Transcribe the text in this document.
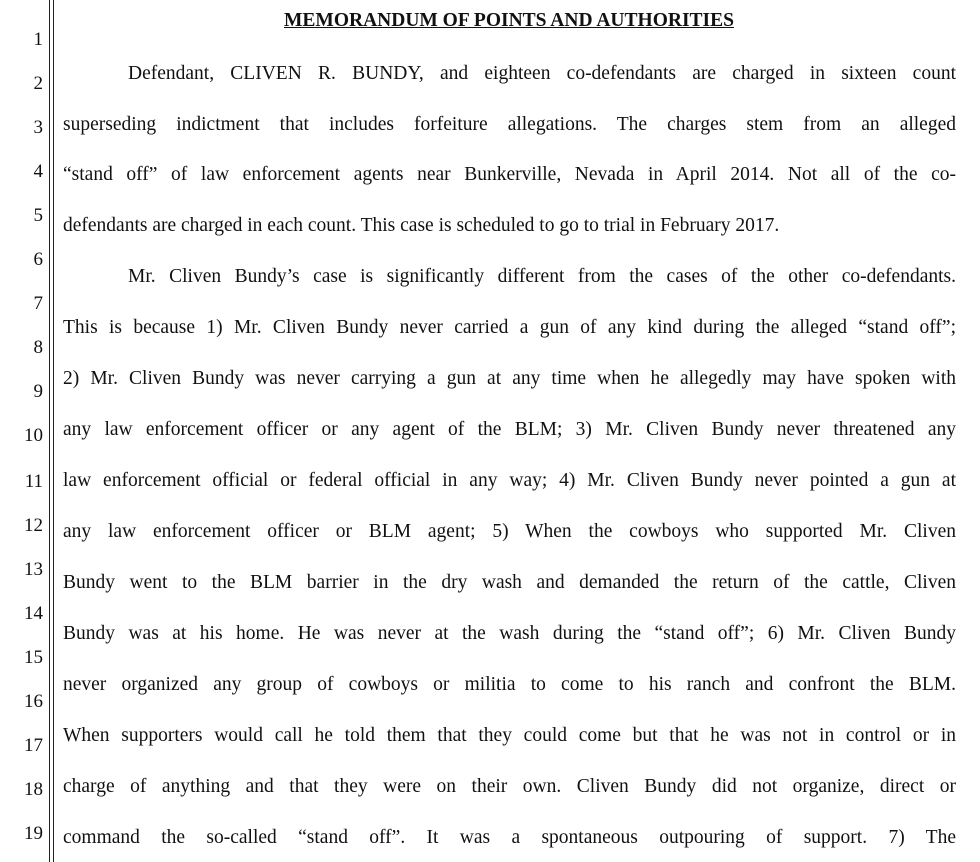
1
2
3
4
5
6
7
8
9
10
11
12
13
14
15
16
17
18
19
MEMORANDUM OF POINTS AND AUTHORITIES
Defendant, CLIVEN R. BUNDY, and eighteen co-defendants are charged in sixteen count
superseding indictment that includes forfeiture allegations. The charges stem from an alleged
“stand off” of law enforcement agents near Bunkerville, Nevada in April 2014. Not all of the co-
defendants are charged in each count. This case is scheduled to go to trial in February 2017.
Mr. Cliven Bundy’s case is significantly different from the cases of the other co-defendants.
This is because 1) Mr. Cliven Bundy never carried a gun of any kind during the alleged “stand off”;
2) Mr. Cliven Bundy was never carrying a gun at any time when he allegedly may have spoken with
any law enforcement officer or any agent of the BLM; 3) Mr. Cliven Bundy never threatened any
law enforcement official or federal official in any way; 4) Mr. Cliven Bundy never pointed a gun at
any law enforcement officer or BLM agent; 5) When the cowboys who supported Mr. Cliven
Bundy went to the BLM barrier in the dry wash and demanded the return of the cattle, Cliven
Bundy was at his home. He was never at the wash during the “stand off”; 6) Mr. Cliven Bundy
never organized any group of cowboys or militia to come to his ranch and confront the BLM.
When supporters would call he told them that they could come but that he was not in control or in
charge of anything and that they were on their own. Cliven Bundy did not organize, direct or
command the so-called “stand off”. It was a spontaneous outpouring of support. 7) The
